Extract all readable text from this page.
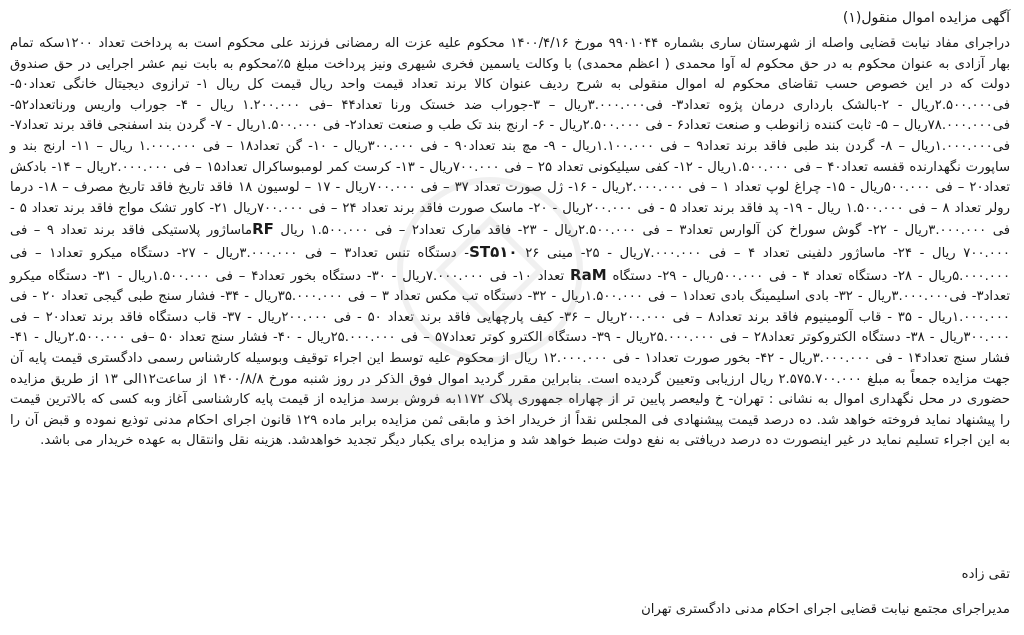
آگهی مزایده اموال منقول(۱)

دراجرای مفاد نیابت قضایی واصله از شهرستان ساری بشماره ۹۹۰۱۰۴۴ مورخ ۱۴۰۰/۴/۱۶ محکوم علیه عزت اله رمضانی فرزند علی محکوم است به پرداخت تعداد ۱۲۰۰سکه تمام بهار آزادی به عنوان محکوم به در حق محکوم له آوا محمدی ( اعظم محمدی) با وکالت یاسمین فخری شیهری ونیز پرداخت مبلغ ۵٪محکوم به بابت نیم عشر اجرایی در حق صندوق دولت که در این خصوص حسب تقاضای محکوم له اموال منقولی به شرح ردیف عنوان کالا برند تعداد قیمت واحد ریال قیمت کل ریال ۱- ترازوی دیجیتال خانگی تعداد۵۰-فی۲.۵۰۰.۰۰۰ریال - ۲-بالشک بارداری درمان پژوه تعداد۳- فی۳.۰۰۰.۰۰۰ریال – ۳-جوراب ضد خستک ورنا تعداد۴۴ –فی ۱.۲۰۰.۰۰۰ ریال - ۴- جوراب واریس ورناتعداد۵۲- فی۷۸.۰۰۰.۰۰۰ریال – ۵- ثابت کننده زانوطب و صنعت تعداد۶ - فی ۲.۵۰۰.۰۰۰ریال - ۶- ارنج بند تک طب و صنعت تعداد۲- فی ۱.۵۰۰.۰۰۰ریال - ۷- گردن بند اسفنجی فاقد برند تعداد۷- فی۱.۰۰۰.۰۰۰ریال – ۸- گردن بند طبی فاقد برند تعداد۹ – فی ۱.۱۰۰.۰۰۰ریال - ۹- مچ بند تعداد۹۰ - فی ۳۰۰.۰۰۰ریال - ۱۰- گن تعداد۱۸ – فی ۱.۰۰۰.۰۰۰ ریال – ۱۱- ارنج بند و ساپورت نگهدارنده قفسه تعداد۴۰ – فی ۱.۵۰۰.۰۰۰ریال - ۱۲- کفی سیلیکونی تعداد ۲۵ – فی ۷۰۰.۰۰۰ریال - ۱۳- کرست کمر لومبوساکرال تعداد۱۵ – فی ۲.۰۰۰.۰۰۰ریال – ۱۴- بادکش تعداد۲۰ – فی ۵۰۰.۰۰۰ریال - ۱۵- چراغ لوپ تعداد ۱ – فی ۲.۰۰۰.۰۰۰ریال - ۱۶- ژل صورت تعداد ۳۷ – فی ۷۰۰.۰۰۰ریال - ۱۷ – لوسیون ۱۸ فاقد تاریخ فاقد تاریخ مصرف – ۱۸- درما رولر تعداد ۸ – فی ۱.۵۰۰.۰۰۰ ریال - ۱۹- پد فاقد برند تعداد ۵ - فی ۲۰۰.۰۰۰ریال - ۲۰- ماسک صورت فاقد برند تعداد ۲۴ – فی ۷۰۰.۰۰۰ریال ۲۱- کاور تشک مواج فاقد برند تعداد ۵ - فی ۳.۰۰۰.۰۰۰ریال - ۲۲- گوش سوراخ کن آلوارس تعداد۳ – فی ۲.۵۰۰.۰۰۰ریال - ۲۳- فاقد مارک تعداد۲ – فی ۱.۵۰۰.۰۰۰ ریال RFماساژور پلاستیکی فاقد برند تعداد ۹ – فی ۷۰۰.۰۰۰ ریال - ۲۴- ماساژور دلفینی تعداد ۴ – فی ۷.۰۰۰.۰۰۰ریال - ۲۵- مینی ST۵۱۰ ۲۶- دستگاه تنس تعداد۳ – فی ۳.۰۰۰.۰۰۰ریال - ۲۷- دستگاه میکرو تعداد۱ – فی ۵.۰۰۰.۰۰۰ریال - ۲۸- دستگاه تعداد ۴ - فی ۵۰۰.۰۰۰ریال - ۲۹- دستگاه RaM تعداد ۱۰- فی ۷.۰۰۰.۰۰۰ریال - ۳۰- دستگاه بخور تعداد۴ – فی ۱.۵۰۰.۰۰۰ریال - ۳۱- دستگاه میکرو تعداد۳- فی۳.۰۰۰.۰۰۰ریال - ۳۲- بادی اسلیمینگ بادی تعداد۱ – فی ۱.۵۰۰.۰۰۰ریال - ۳۲- دستگاه تب مکس تعداد ۳ – فی ۳۵.۰۰۰.۰۰۰ریال - ۳۴- فشار سنج طبی گیجی تعداد ۲۰ - فی ۱.۰۰۰.۰۰۰ریال - ۳۵ - قاب آلومینیوم فاقد برند تعداد۸ – فی ۲۰۰.۰۰۰ریال – ۳۶- کیف پارچهایی فاقد برند تعداد ۵۰ - فی ۲۰۰.۰۰۰ریال - ۳۷- قاب دستگاه فاقد برند تعداد۲۰ – فی ۳۰۰.۰۰۰ریال - ۳۸- دستگاه الکتروکوتر تعداد۲۸ – فی ۲۵.۰۰۰.۰۰۰ریال - ۳۹- دستگاه الکترو کوتر تعداد۵۷ – فی ۲۵.۰۰۰.۰۰۰ریال - ۴۰- فشار سنج تعداد ۵۰ –فی ۲.۵۰۰.۰۰۰ریال - ۴۱- فشار سنج تعداد۱۴ - فی ۳.۰۰۰.۰۰۰ریال - ۴۲- بخور صورت تعداد۱ - فی ۱۲.۰۰۰.۰۰۰ ریال از محکوم علیه توسط این اجراء توقیف وبوسیله کارشناس رسمی دادگستری قیمت پایه آن جهت مزایده جمعاً به مبلغ ۲.۵۷۵.۷۰۰.۰۰۰ ریال ارزیابی وتعیین گردیده است. بنابراین مقرر گردید اموال فوق الذکر در روز شنبه مورخ ۱۴۰۰/۸/۸ از ساعت۱۲الی ۱۳ از طریق مزایده حضوری در محل نگهداری اموال به نشانی : تهران- خ ولیعصر پایین تر از چهاراه جمهوری پلاک ۱۱۷۲به فروش برسد مزایده از قیمت پایه کارشناسی آغاز وبه کسی که بالاترین قیمت را پیشنهاد نماید فروخته خواهد شد. ده درصد قیمت پیشنهادی فی المجلس نقداً از خریدار اخذ و مابقی ثمن مزایده برابر ماده ۱۲۹ قانون اجرای احکام مدنی توذیع نموده و قبض آن را به این اجراء تسلیم نماید در غیر اینصورت ده درصد دریافتی به نفع دولت ضبط خواهد شد و مزایده برای یکبار دیگر تجدید خواهدشد. هزینه نقل وانتقال به عهده خریدار می باشد.

تقی زاده
مدیراجرای مجتمع نیابت قضایی اجرای احکام مدنی دادگستری تهران
